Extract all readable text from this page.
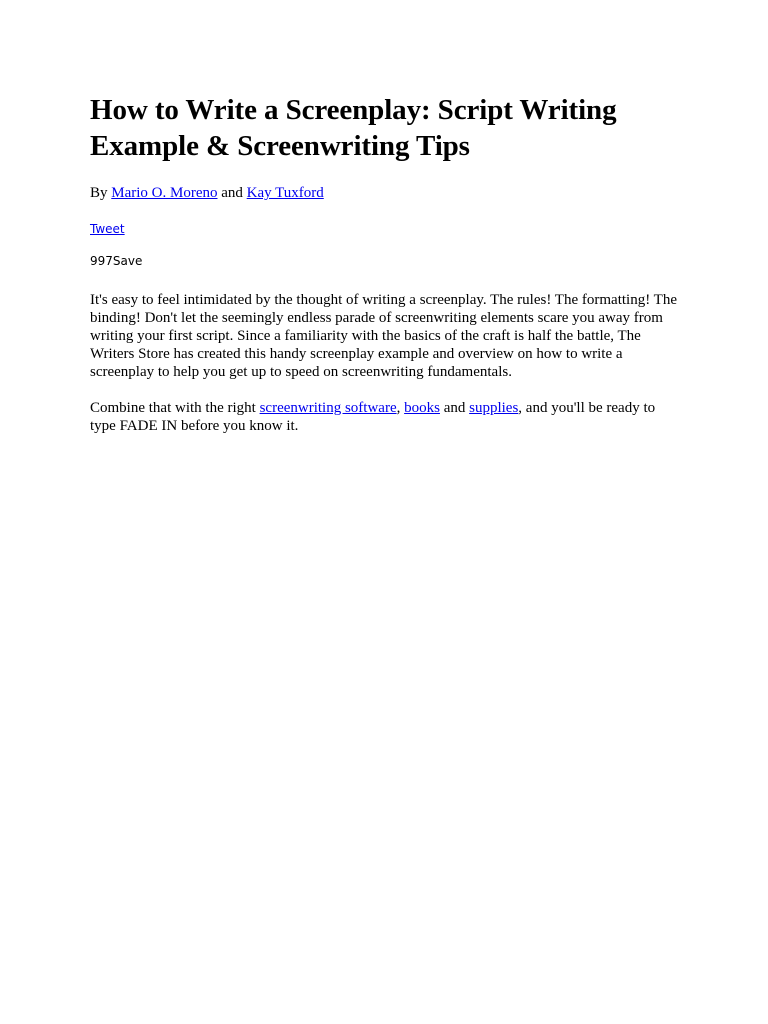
How to Write a Screenplay: Script Writing Example & Screenwriting Tips

By Mario O. Moreno and Kay Tuxford

Tweet
997Save

It's easy to feel intimidated by the thought of writing a screenplay. The rules! The formatting! The binding! Don't let the seemingly endless parade of screenwriting elements scare you away from writing your first script. Since a familiarity with the basics of the craft is half the battle, The Writers Store has created this handy screenplay example and overview on how to write a screenplay to help you get up to speed on screenwriting fundamentals.

Combine that with the right screenwriting software, books and supplies, and you'll be ready to type FADE IN before you know it.
